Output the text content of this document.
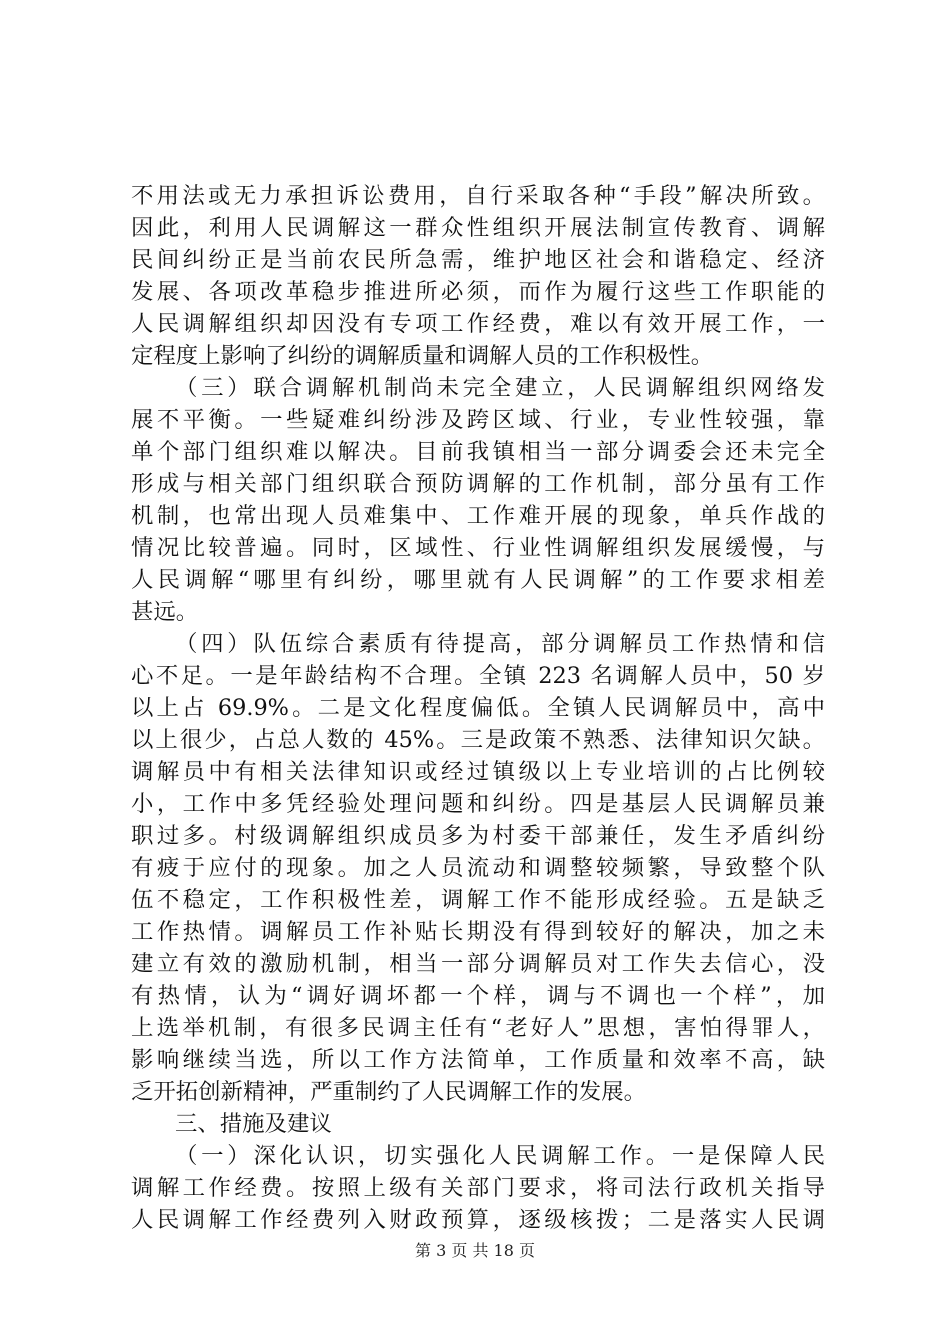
不用法或无力承担诉讼费用，自行采取各种“手段”解决所致。
因此，利用人民调解这一群众性组织开展法制宣传教育、调解
民间纠纷正是当前农民所急需，维护地区社会和谐稳定、经济
发展、各项改革稳步推进所必须，而作为履行这些工作职能的
人民调解组织却因没有专项工作经费，难以有效开展工作，一
定程度上影响了纠纷的调解质量和调解人员的工作积极性。
（三）联合调解机制尚未完全建立，人民调解组织网络发
展不平衡。一些疑难纠纷涉及跨区域、行业，专业性较强，靠
单个部门组织难以解决。目前我镇相当一部分调委会还未完全
形成与相关部门组织联合预防调解的工作机制，部分虽有工作
机制，也常出现人员难集中、工作难开展的现象，单兵作战的
情况比较普遍。同时，区域性、行业性调解组织发展缓慢，与
人民调解“哪里有纠纷，哪里就有人民调解”的工作要求相差
甚远。
（四）队伍综合素质有待提高，部分调解员工作热情和信
心不足。一是年龄结构不合理。全镇 223 名调解人员中，50 岁
以上占 69.9%。二是文化程度偏低。全镇人民调解员中，高中
以上很少，占总人数的 45%。三是政策不熟悉、法律知识欠缺。
调解员中有相关法律知识或经过镇级以上专业培训的占比例较
小，工作中多凭经验处理问题和纠纷。四是基层人民调解员兼
职过多。村级调解组织成员多为村委干部兼任，发生矛盾纠纷
有疲于应付的现象。加之人员流动和调整较频繁，导致整个队
伍不稳定，工作积极性差，调解工作不能形成经验。五是缺乏
工作热情。调解员工作补贴长期没有得到较好的解决，加之未
建立有效的激励机制，相当一部分调解员对工作失去信心，没
有热情，认为“调好调坏都一个样，调与不调也一个样”，加
上选举机制，有很多民调主任有“老好人”思想，害怕得罪人，
影响继续当选，所以工作方法简单，工作质量和效率不高，缺
乏开拓创新精神，严重制约了人民调解工作的发展。
三、措施及建议
（一）深化认识，切实强化人民调解工作。一是保障人民
调解工作经费。按照上级有关部门要求，将司法行政机关指导
人民调解工作经费列入财政预算，逐级核拨；二是落实人民调
第 3 页 共 18 页
